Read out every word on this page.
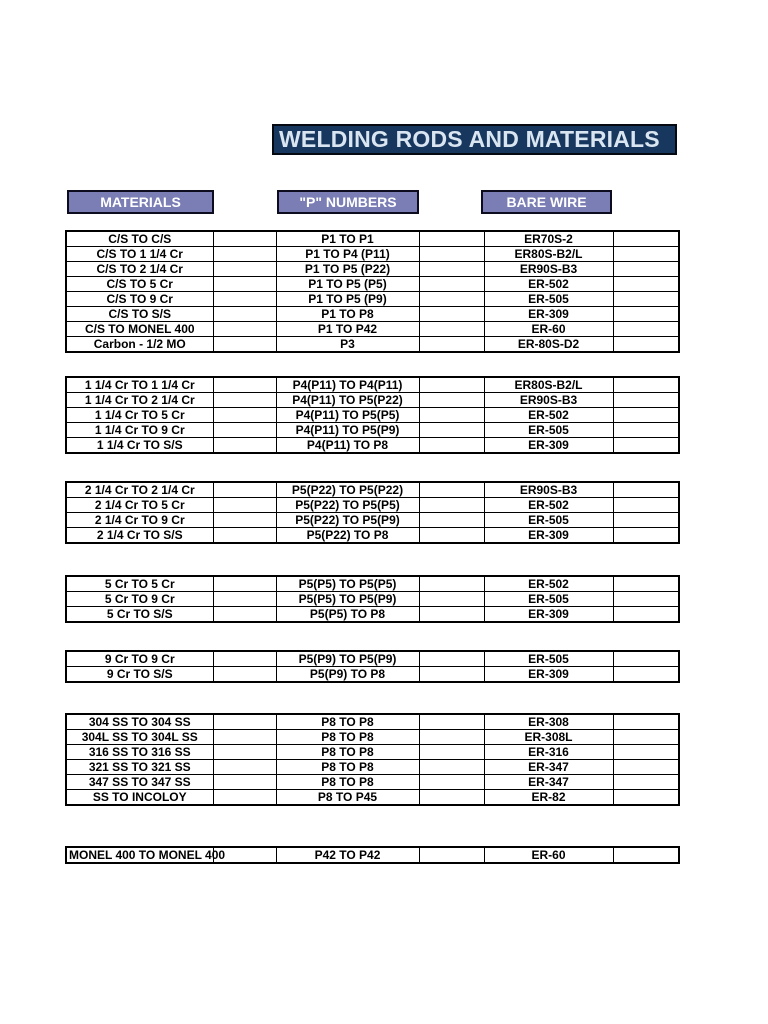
WELDING RODS AND MATERIALS
MATERIALS	"P" NUMBERS	BARE WIRE
C/S TO C/S		P1 TO P1		ER70S-2	
C/S TO 1 1/4 Cr		P1 TO P4 (P11)		ER80S-B2/L	
C/S TO 2 1/4 Cr		P1 TO P5 (P22)		ER90S-B3	
C/S TO 5 Cr		P1 TO P5 (P5)		ER-502	
C/S TO 9 Cr		P1 TO P5 (P9)		ER-505	
C/S TO S/S		P1 TO P8		ER-309	
C/S TO MONEL 400		P1 TO P42		ER-60	
Carbon - 1/2 MO		P3		ER-80S-D2	
1 1/4 Cr TO 1 1/4 Cr		P4(P11) TO P4(P11)		ER80S-B2/L	
1 1/4 Cr TO 2 1/4 Cr		P4(P11) TO P5(P22)		ER90S-B3	
1 1/4 Cr TO 5 Cr		P4(P11) TO P5(P5)		ER-502	
1 1/4 Cr TO 9 Cr		P4(P11) TO P5(P9)		ER-505	
1 1/4 Cr TO S/S		P4(P11) TO P8		ER-309	
2 1/4 Cr TO 2 1/4 Cr		P5(P22) TO P5(P22)		ER90S-B3	
2 1/4 Cr TO 5 Cr		P5(P22) TO P5(P5)		ER-502	
2 1/4 Cr TO 9 Cr		P5(P22) TO P5(P9)		ER-505	
2 1/4 Cr TO S/S		P5(P22) TO P8		ER-309	
5 Cr TO 5 Cr		P5(P5) TO P5(P5)		ER-502	
5 Cr TO 9 Cr		P5(P5) TO P5(P9)		ER-505	
5 Cr TO S/S		P5(P5) TO P8		ER-309	
9 Cr TO 9 Cr		P5(P9) TO P5(P9)		ER-505	
9 Cr TO S/S		P5(P9) TO P8		ER-309	
304 SS TO 304 SS		P8 TO P8		ER-308	
304L SS TO 304L SS		P8 TO P8		ER-308L	
316 SS TO 316 SS		P8 TO P8		ER-316	
321 SS TO 321 SS		P8 TO P8		ER-347	
347 SS TO 347 SS		P8 TO P8		ER-347	
SS TO INCOLOY		P8 TO P45		ER-82	
MONEL 400 TO MONEL 400		P42 TO P42		ER-60	
